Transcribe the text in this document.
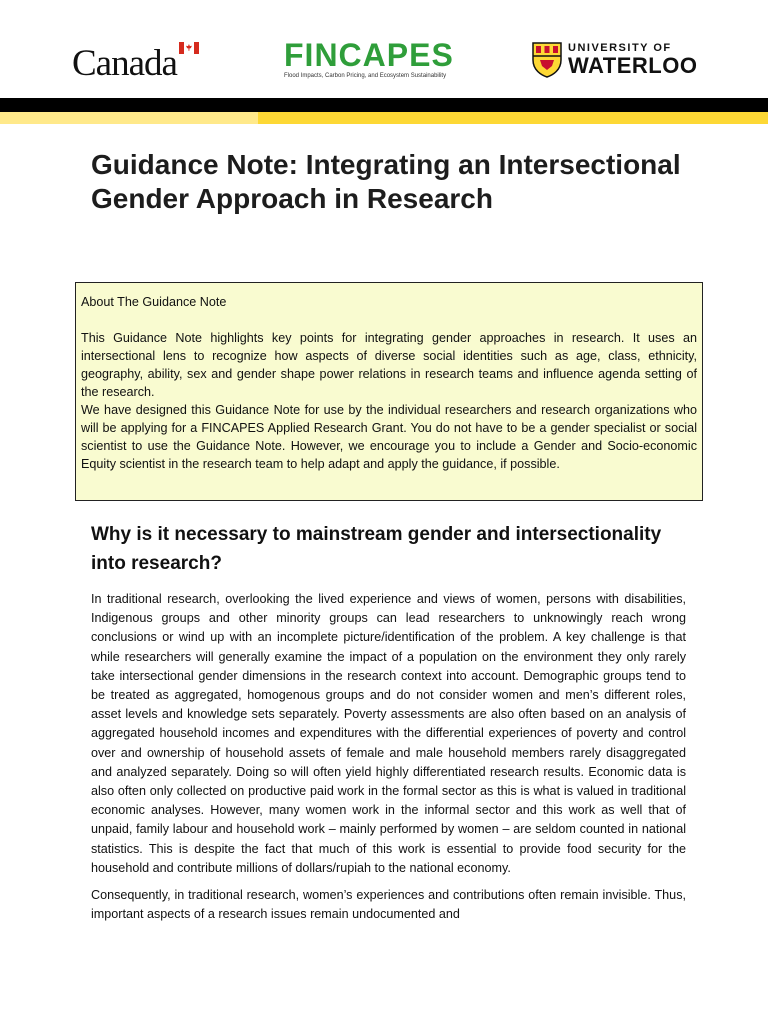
Canada	FINCAPES
Flood Impacts, Carbon Pricing, and Ecosystem Sustainability
UNIVERSITY OF
WATERLOO
Guidance Note: Integrating an Intersectional Gender Approach in Research
About The Guidance Note

This Guidance Note highlights key points for integrating gender approaches in research. It uses an intersectional lens to recognize how aspects of diverse social identities such as age, class, ethnicity, geography, ability, sex and gender shape power relations in research teams and influence agenda setting of the research.

We have designed this Guidance Note for use by the individual researchers and research organizations who will be applying for a FINCAPES Applied Research Grant. You do not have to be a gender specialist or social scientist to use the Guidance Note. However, we encourage you to include a Gender and Socio-economic Equity scientist in the research team to help adapt and apply the guidance, if possible.

Why is it necessary to mainstream gender and intersectionality into research?

In traditional research, overlooking the lived experience and views of women, persons with disabilities, Indigenous groups and other minority groups can lead researchers to unknowingly reach wrong conclusions or wind up with an incomplete picture/identification of the problem. A key challenge is that while researchers will generally examine the impact of a population on the environment they only rarely take intersectional gender dimensions in the research context into account. Demographic groups tend to be treated as aggregated, homogenous groups and do not consider women and men’s different roles, asset levels and knowledge sets separately. Poverty assessments are also often based on an analysis of aggregated household incomes and expenditures with the differential experiences of poverty and control over and ownership of household assets of female and male household members rarely disaggregated and analyzed separately. Doing so will often yield highly differentiated research results. Economic data is also often only collected on productive paid work in the formal sector as this is what is valued in traditional economic analyses. However, many women work in the informal sector and this work as well that of unpaid, family labour and household work – mainly performed by women – are seldom counted in national statistics. This is despite the fact that much of this work is essential to provide food security for the household and contribute millions of dollars/rupiah to the national economy.

Consequently, in traditional research, women’s experiences and contributions often remain invisible. Thus, important aspects of a research issues remain undocumented and
